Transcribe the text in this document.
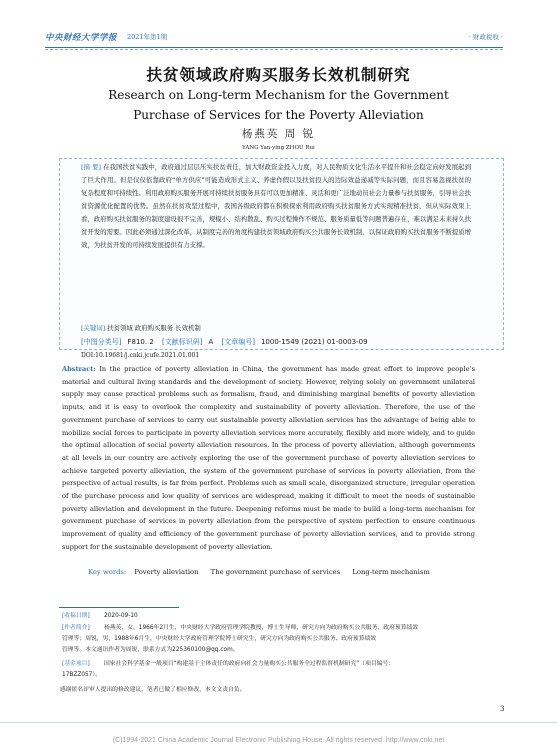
中央财经大学学报 2021年第1期	· 财政税收 ·
扶贫领域政府购买服务长效机制研究
Research on Long-term Mechanism for the Government
Purchase of Services for the Poverty Alleviation
杨燕英 周 锐
YANG Yan-ying ZHOU Rui
[摘 要] 在我国扶贫实践中，政府通过层层压实扶贫责任，加大财政资金投入力度，对人民物质文化生活水平提升和社会稳定向好发展起到了巨大作用。但是仅仅依靠政府“单方供应”可能造成形式主义、养虚作假以及扶贫投入的边际效益递减等实际问题，而且容易忽视扶贫的复杂程度和可持续性。利用政府购买服务开展可持续扶贫服务具有可以更加精准、灵活和更广泛地动员社会力量参与扶贫服务，引导社会扶贫资源优化配置的优势。虽然在扶贫攻坚过程中，我国各级政府都在积极探索利用政府购买扶贫服务方式实现精准扶贫，但从实际效果上看，政府购买扶贫服务的制度建设很不完善，规模小、结构散乱、购买过程操作不规范、服务质量低等问题普遍存在，难以满足未来持久扶贫开发的需要。因此必须通过深化改革，从制度完善的角度构建扶贫领域政府购买公共服务长效机制，以保证政府购买扶贫服务不断提质增效，为扶贫开发的可持续发展提供有力支撑。
[关键词] 扶贫领域 政府购买服务 长效机制
[中图分类号] F810. 2 [文献标识码] A [文章编号] 1000-1549 (2021) 01-0003-09
DOI:10.19681/j.cnki.jcufe.2021.01.001
Abstract: In the practice of poverty alleviation in China, the government has made great effort to improve people’s material and cultural living standards and the development of society. However, relying solely on government unilateral supply may cause practical problems such as formalism, fraud, and diminishing marginal benefits of poverty alleviation inputs, and it is easy to overlook the complexity and sustainability of poverty alleviation. Therefore, the use of the government purchase of services to carry out sustainable poverty alleviation services has the advantage of being able to mobilize social forces to participate in poverty alleviation services more accurately, flexibly and more widely, and to guide the optimal allocation of social poverty alleviation resources. In the process of poverty alleviation, although governments at all levels in our country are actively exploring the use of the government purchase of poverty alleviation services to achieve targeted poverty alleviation, the system of the government purchase of services in poverty alleviation, from the perspective of actual results, is far from perfect. Problems such as small scale, disorganized structure, irregular operation of the purchase process and low quality of services are widespread, making it difficult to meet the needs of sustainable poverty alleviation and development in the future. Deepening reforms must be made to build a long-term mechanism for government purchase of services in poverty alleviation from the perspective of system perfection to ensure continuous improvement of quality and efficiency of the government purchase of poverty alleviation services, and to provide strong support for the sustainable development of poverty alleviation.
Key words: Poverty alleviation The government purchase of services Long-term mechanism
[收稿日期] 2020-09-10
[作者简介] 杨燕英，女，1966年2月生，中央财经大学政府管理学院教授，博士生导师，研究方向为政府购买公共服务、政府预算绩效
管理等；周锐，男，1988年6月生，中央财经大学政府管理学院博士研究生，研究方向为政府购买公共服务、政府预算绩效
管理等。本文通讯作者为周锐，联系方式为225360100@qq.com。
[基金项目] 国家社会科学基金一般项目“构建基于主体责任的政府向社会力量购买公共服务全过程监督机制研究”（项目编号：
17BZZ057）。
感谢匿名评审人提出的修改建议，笔者已做了相应修改，本文文责自负。
3
(C)1994-2021 China Academic Journal Electronic Publishing House. All rights reserved. http://www.cnki.net
